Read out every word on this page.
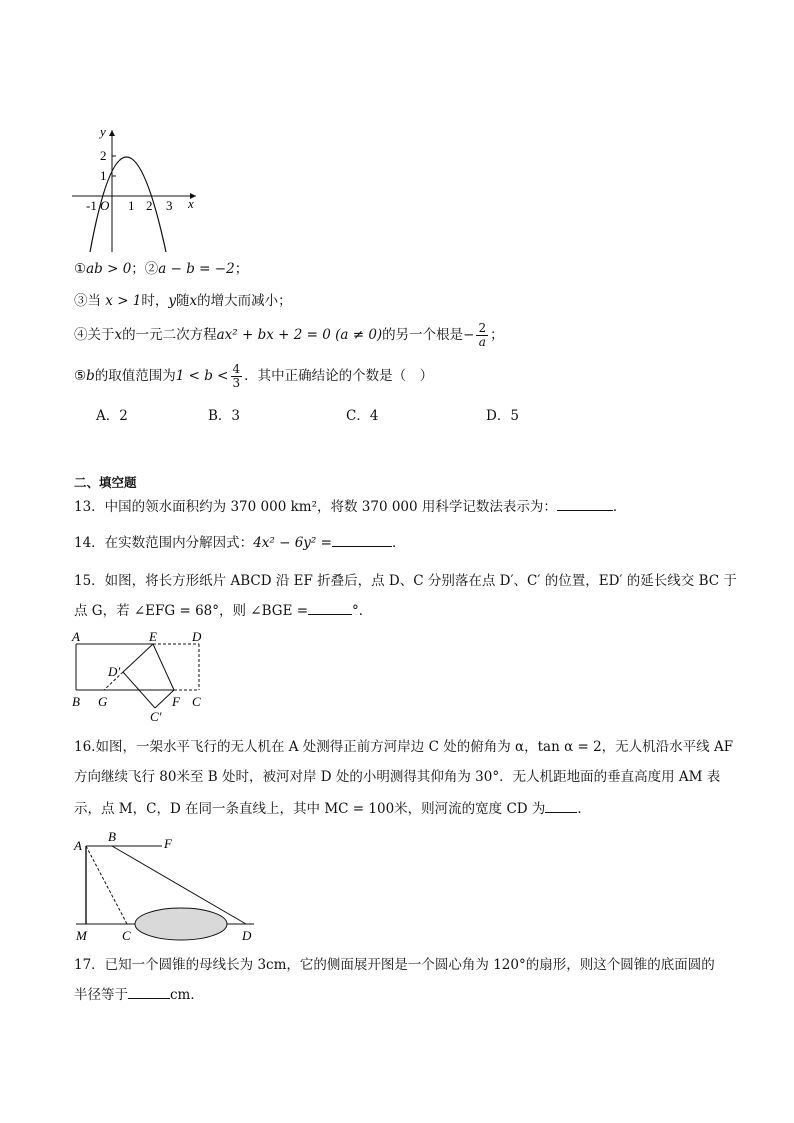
y
x
2
1
-1 O 1 2 3
①ab > 0；②a − b = −2；
③当 x > 1时，y随x的增大而减小；
④关于x的一元二次方程ax² + bx + 2 = 0 (a ≠ 0)的另一个根是− $\frac{2}{a}$ ；
⑤b的取值范围为$1 < b < \frac{4}{3}$ ．其中正确结论的个数是（　）
A．2	B．3	C．4	D．5
二、填空题
13．中国的领水面积约为 370 000 km²，将数 370 000 用科学记数法表示为：	．
14．在实数范围内分解因式：4x² − 6y² =	．
15．如图，将长方形纸片 ABCD 沿 EF 折叠后，点 D、C 分别落在点 D′、C′ 的位置，ED′ 的延长线交 BC 于
点 G，若 ∠EFG = 68°，则 ∠BGE =	°．
A	E	D
D′
B G	F C
C′
16.如图，一架水平飞行的无人机在 A 处测得正前方河岸边 C 处的俯角为 α，tan α = 2，无人机沿水平线 AF
方向继续飞行 80米至 B 处时，被河对岸 D 处的小明测得其仰角为 30°．无人机距地面的垂直高度用 AM 表
示，点 M，C，D 在同一条直线上，其中 MC = 100米，则河流的宽度 CD 为 ．
A
B	F
M	C	D
17．已知一个圆锥的母线长为 3cm，它的侧面展开图是一个圆心角为 120°的扇形，则这个圆锥的底面圆的
半径等于	cm．
